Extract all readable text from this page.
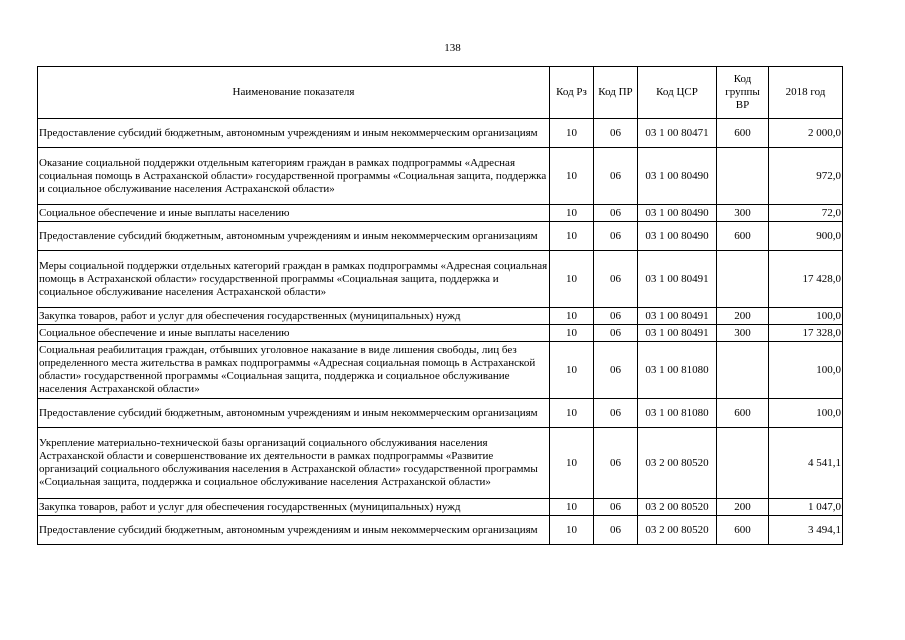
138
Наименование показателя	Код Рз	Код ПР	Код ЦСР	Код группы ВР	2018 год
Предоставление субсидий бюджетным, автономным учреждениям и иным некоммерческим организациям	10	06	03 1 00 80471	600	2 000,0
Оказание социальной поддержки отдельным категориям граждан в рамках подпрограммы «Адресная социальная помощь в Астраханской области» государственной программы «Социальная защита, поддержка и социальное обслуживание населения Астраханской области»	10	06	03 1 00 80490		972,0
Социальное обеспечение и иные выплаты населению	10	06	03 1 00 80490	300	72,0
Предоставление субсидий бюджетным, автономным учреждениям и иным некоммерческим организациям	10	06	03 1 00 80490	600	900,0
Меры социальной поддержки отдельных категорий граждан в рамках подпрограммы «Адресная социальная помощь в Астраханской области» государственной программы «Социальная защита, поддержка и социальное обслуживание населения Астраханской области»	10	06	03 1 00 80491		17 428,0
Закупка товаров, работ и услуг для обеспечения государственных (муниципальных) нужд	10	06	03 1 00 80491	200	100,0
Социальное обеспечение и иные выплаты населению	10	06	03 1 00 80491	300	17 328,0
Социальная реабилитация граждан, отбывших уголовное наказание в виде лишения свободы, лиц без определенного места жительства в рамках подпрограммы «Адресная социальная помощь в Астраханской области» государственной программы «Социальная защита, поддержка и социальное обслуживание населения Астраханской области»	10	06	03 1 00 81080		100,0
Предоставление субсидий бюджетным, автономным учреждениям и иным некоммерческим организациям	10	06	03 1 00 81080	600	100,0
Укрепление материально-технической базы организаций социального обслуживания населения Астраханской области и совершенствование их деятельности в рамках подпрограммы «Развитие организаций социального обслуживания населения в Астраханской области» государственной программы «Социальная защита, поддержка и социальное обслуживание населения Астраханской области»	10	06	03 2 00 80520		4 541,1
Закупка товаров, работ и услуг для обеспечения государственных (муниципальных) нужд	10	06	03 2 00 80520	200	1 047,0
Предоставление субсидий бюджетным, автономным учреждениям и иным некоммерческим организациям	10	06	03 2 00 80520	600	3 494,1
